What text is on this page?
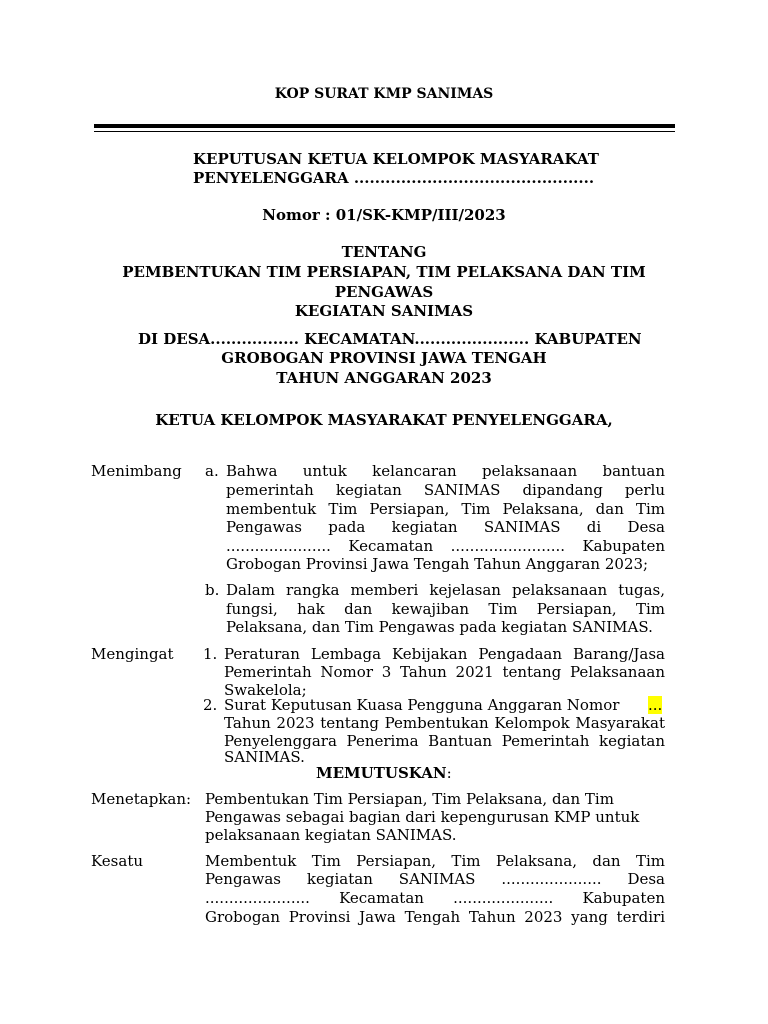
KOP SURAT KMP SANIMAS
KEPUTUSAN KETUA KELOMPOK MASYARAKAT
PENYELENGGARA ..............................................
Nomor : 01/SK-KMP/III/2023
TENTANG
PEMBENTUKAN TIM PERSIAPAN, TIM PELAKSANA DAN TIM
PENGAWAS
KEGIATAN SANIMAS
DI DESA................. KECAMATAN...................... KABUPATEN
GROBOGAN PROVINSI JAWA TENGAH
TAHUN ANGGARAN 2023
KETUA KELOMPOK MASYARAKAT PENYELENGGARA,
Menimbang a. Bahwa untuk kelancaran pelaksanaan bantuan
pemerintah kegiatan SANIMAS dipandang perlu
membentuk Tim Persiapan, Tim Pelaksana, dan Tim
Pengawas pada kegiatan SANIMAS di Desa
...................... Kecamatan ........................ Kabupaten
Grobogan Provinsi Jawa Tengah Tahun Anggaran 2023;
b. Dalam rangka memberi kejelasan pelaksanaan tugas,
fungsi, hak dan kewajiban Tim Persiapan, Tim
Pelaksana, dan Tim Pengawas pada kegiatan SANIMAS.
Mengingat 1. Peraturan Lembaga Kebijakan Pengadaan Barang/Jasa
Pemerintah Nomor 3 Tahun 2021 tentang Pelaksanaan
Swakelola;
2. Surat Keputusan Kuasa Pengguna Anggaran Nomor ...
Tahun 2023 tentang Pembentukan Kelompok Masyarakat
Penyelenggara Penerima Bantuan Pemerintah kegiatan
SANIMAS.
MEMUTUSKAN:
Menetapkan: Pembentukan Tim Persiapan, Tim Pelaksana, dan Tim
Pengawas sebagai bagian dari kepengurusan KMP untuk
pelaksanaan kegiatan SANIMAS.
Kesatu	Membentuk Tim Persiapan, Tim Pelaksana, dan Tim
Pengawas kegiatan SANIMAS ..................... Desa
...................... Kecamatan ..................... Kabupaten
Grobogan Provinsi Jawa Tengah Tahun 2023 yang terdiri
